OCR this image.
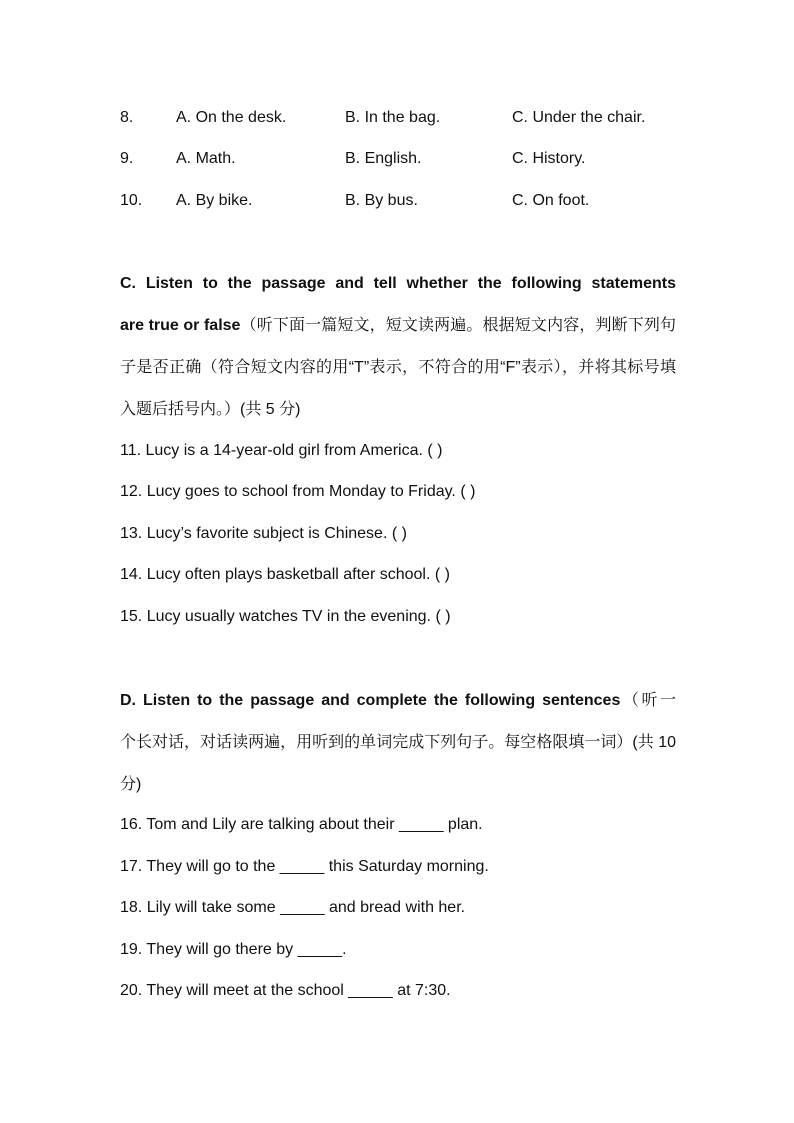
8.	A. On the desk.	B. In the bag.	C. Under the chair.
9.	A. Math.	B. English.	C. History.
10. A. By bike.	B. By bus.	C. On foot.
C. Listen to the passage and tell whether the following statements
are true or false（听下面一篇短文，短文读两遍。根据短文内容，判断下列句
子是否正确（符合短文内容的用“T”表示，不符合的用“F”表示），并将其标号填
入题后括号内。）(共 5 分)
11. Lucy is a 14-year-old girl from America. ( )
12. Lucy goes to school from Monday to Friday. ( )
13. Lucy’s favorite subject is Chinese. ( )
14. Lucy often plays basketball after school. ( )
15. Lucy usually watches TV in the evening. ( )
D. Listen to the passage and complete the following sentences（听一
个长对话，对话读两遍，用听到的单词完成下列句子。每空格限填一词）(共 10
分)
16. Tom and Lily are talking about their _____ plan.
17. They will go to the _____ this Saturday morning.
18. Lily will take some _____ and bread with her.
19. They will go there by _____.
20. They will meet at the school _____ at 7:30.
